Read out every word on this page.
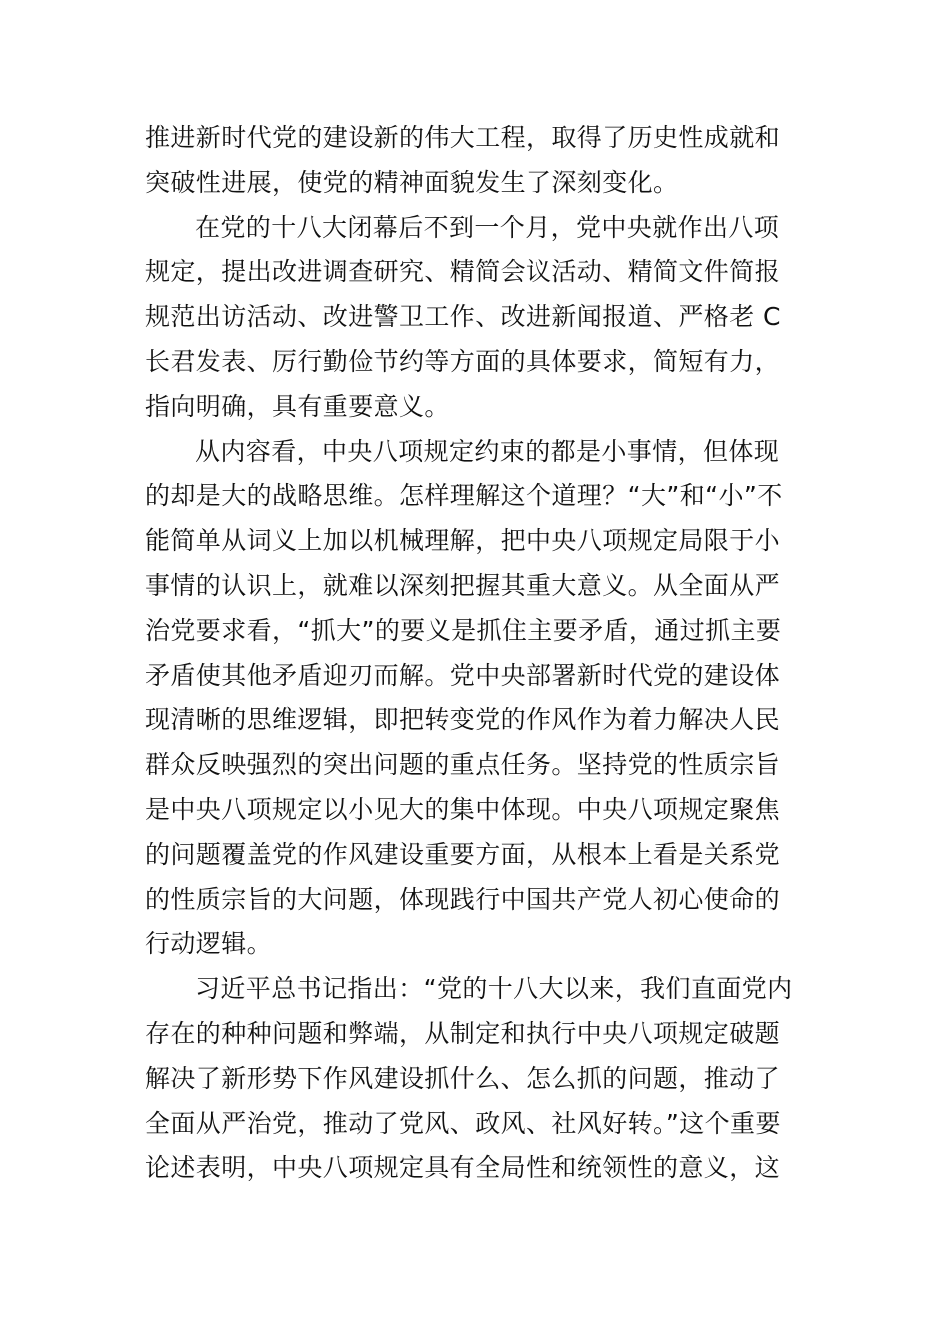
推进新时代党的建设新的伟大工程，取得了历史性成就和
突破性进展，使党的精神面貌发生了深刻变化。
在党的十八大闭幕后不到一个月，党中央就作出八项
规定，提出改进调查研究、精简会议活动、精简文件简报
规范出访活动、改进警卫工作、改进新闻报道、严格老 C
长君发表、厉行勤俭节约等方面的具体要求，简短有力，
指向明确，具有重要意义。
从内容看，中央八项规定约束的都是小事情，但体现
的却是大的战略思维。怎样理解这个道理？“大”和“小”不
能简单从词义上加以机械理解，把中央八项规定局限于小
事情的认识上，就难以深刻把握其重大意义。从全面从严
治党要求看，“抓大”的要义是抓住主要矛盾，通过抓主要
矛盾使其他矛盾迎刃而解。党中央部署新时代党的建设体
现清晰的思维逻辑，即把转变党的作风作为着力解决人民
群众反映强烈的突出问题的重点任务。坚持党的性质宗旨
是中央八项规定以小见大的集中体现。中央八项规定聚焦
的问题覆盖党的作风建设重要方面，从根本上看是关系党
的性质宗旨的大问题，体现践行中国共产党人初心使命的
行动逻辑。
习近平总书记指出：“党的十八大以来，我们直面党内
存在的种种问题和弊端，从制定和执行中央八项规定破题
解决了新形势下作风建设抓什么、怎么抓的问题，推动了
全面从严治党，推动了党风、政风、社风好转。”这个重要
论述表明，中央八项规定具有全局性和统领性的意义，这
